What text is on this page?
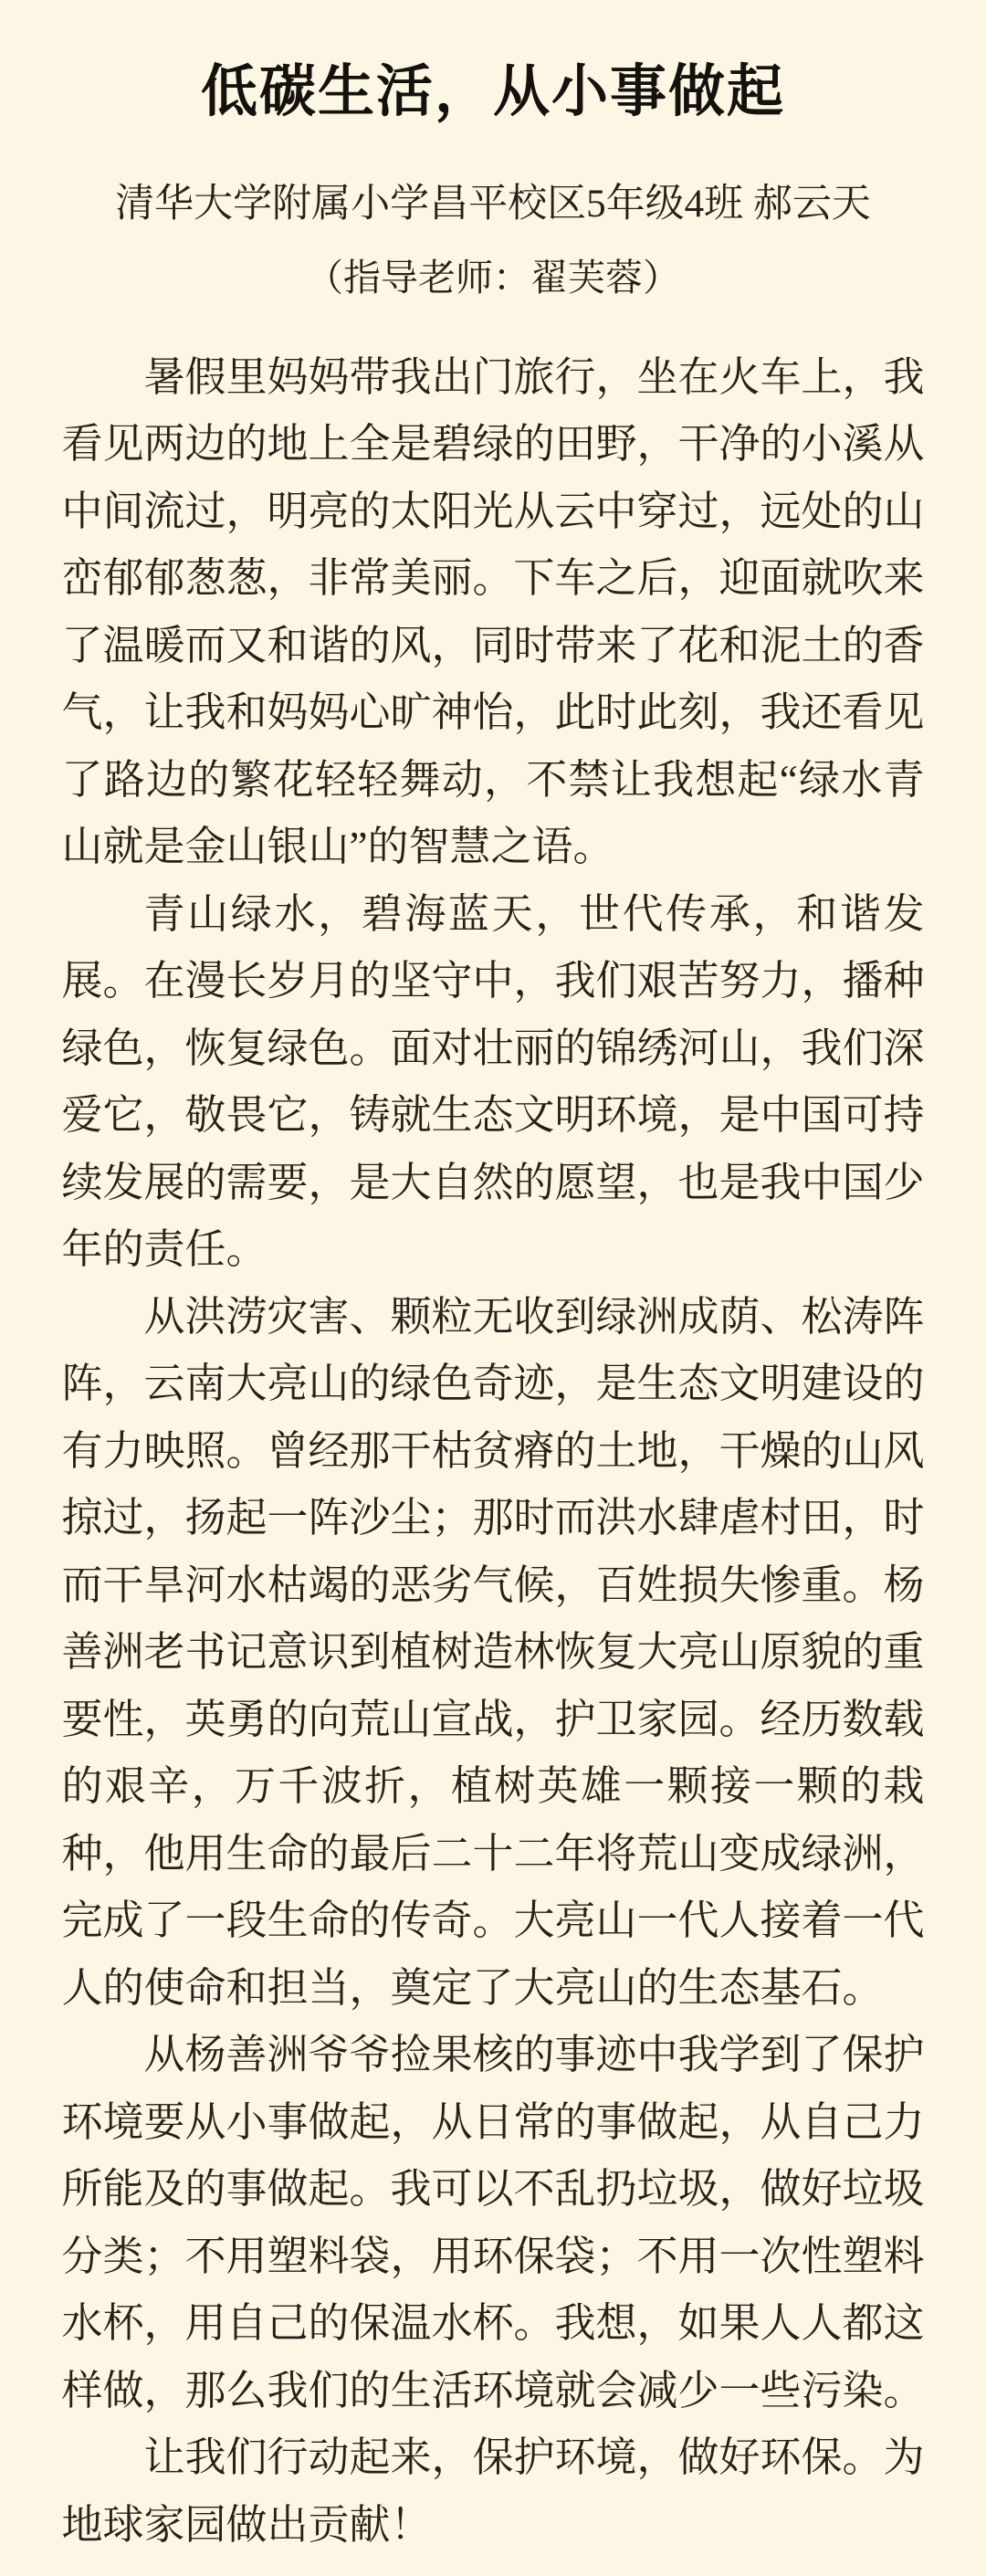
低碳生活，从小事做起
清华大学附属小学昌平校区5年级4班 郝云天
（指导老师：翟芙蓉）

暑假里妈妈带我出门旅行，坐在火车上，我看见两边的地上全是碧绿的田野，干净的小溪从中间流过，明亮的太阳光从云中穿过，远处的山峦郁郁葱葱，非常美丽。下车之后，迎面就吹来了温暖而又和谐的风，同时带来了花和泥土的香气，让我和妈妈心旷神怡，此时此刻，我还看见了路边的繁花轻轻舞动，不禁让我想起“绿水青山就是金山银山”的智慧之语。

青山绿水，碧海蓝天，世代传承，和谐发展。在漫长岁月的坚守中，我们艰苦努力，播种绿色，恢复绿色。面对壮丽的锦绣河山，我们深爱它，敬畏它，铸就生态文明环境，是中国可持续发展的需要，是大自然的愿望，也是我中国少年的责任。

从洪涝灾害、颗粒无收到绿洲成荫、松涛阵阵，云南大亮山的绿色奇迹，是生态文明建设的有力映照。曾经那干枯贫瘠的土地，干燥的山风掠过，扬起一阵沙尘；那时而洪水肆虐村田，时而干旱河水枯竭的恶劣气候，百姓损失惨重。杨善洲老书记意识到植树造林恢复大亮山原貌的重要性，英勇的向荒山宣战，护卫家园。经历数载的艰辛，万千波折，植树英雄一颗接一颗的栽种，他用生命的最后二十二年将荒山变成绿洲，完成了一段生命的传奇。大亮山一代人接着一代人的使命和担当，奠定了大亮山的生态基石。

从杨善洲爷爷捡果核的事迹中我学到了保护环境要从小事做起，从日常的事做起，从自己力所能及的事做起。我可以不乱扔垃圾，做好垃圾分类；不用塑料袋，用环保袋；不用一次性塑料水杯，用自己的保温水杯。我想，如果人人都这样做，那么我们的生活环境就会减少一些污染。

让我们行动起来，保护环境，做好环保。为地球家园做出贡献！
